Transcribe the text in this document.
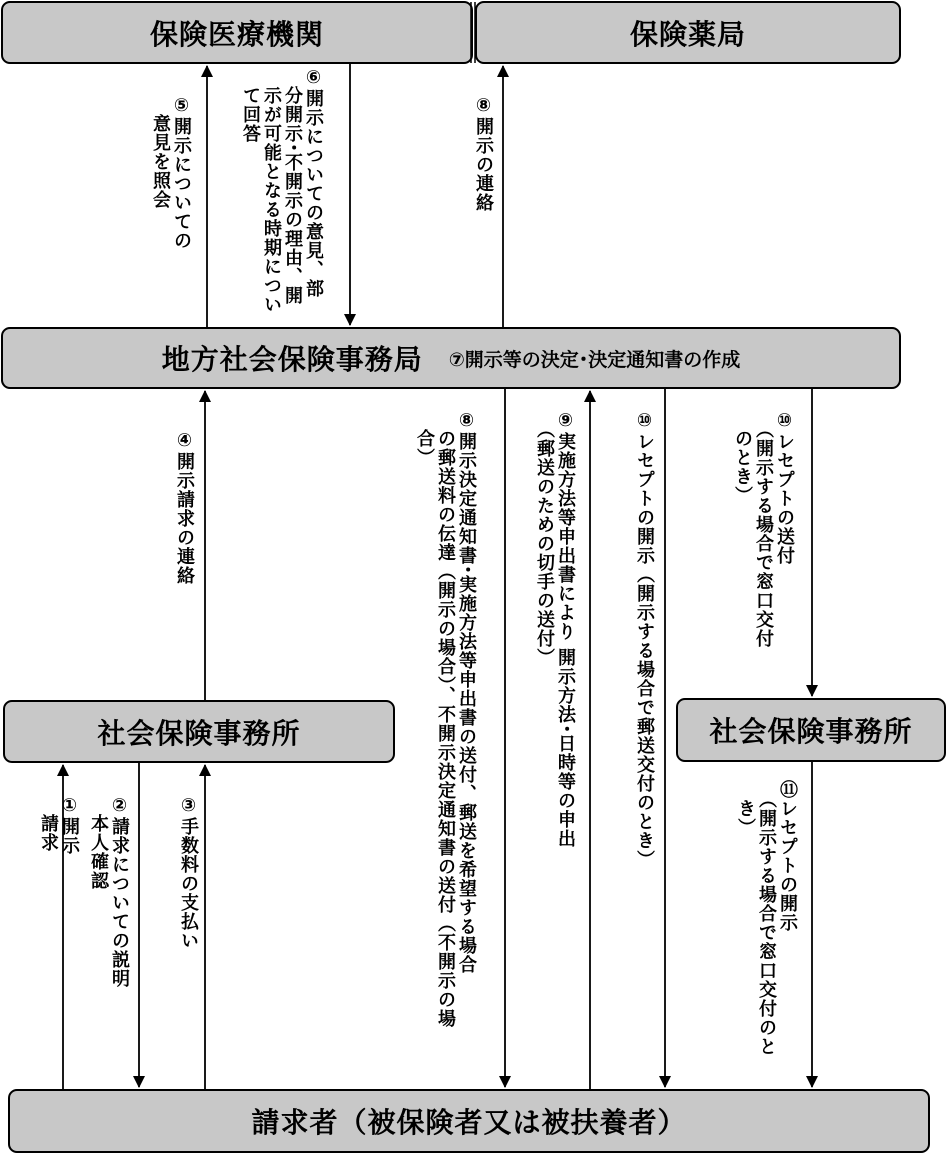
保険医療機関	保険薬局
地方社会保険事務局 ⑦開示等の決定･決定通知書の作成
社会保険事務所	社会保険事務所
請求者（被保険者又は被扶養者）
⑤開示についての
　意見を照会	⑥開示についての意見、部
　分開示･不開示の理由、開
　示が可能となる時期につい
　て回答	⑧開示の連絡
④開示請求の連絡	⑧開示決定通知書･実施方法等申出書の送付、郵送を希望する場合
　の郵送料の伝達（開示の場合）、不開示決定通知書の送付（不開示の場
　合）	⑨実施方法等申出書により 開示方法･日時等の申出
　（郵送のための切手の送付）	⑩レセプトの開示（開示する場合で郵送交付のとき）	⑩レセプトの送付
　（開示する場合で窓口交付
　のとき）
①開示
　請求	②請求についての説明
　本人確認	③手数料の支払い	⑪レセプトの開示
　（開示する場合で窓口交付のと
　き）
